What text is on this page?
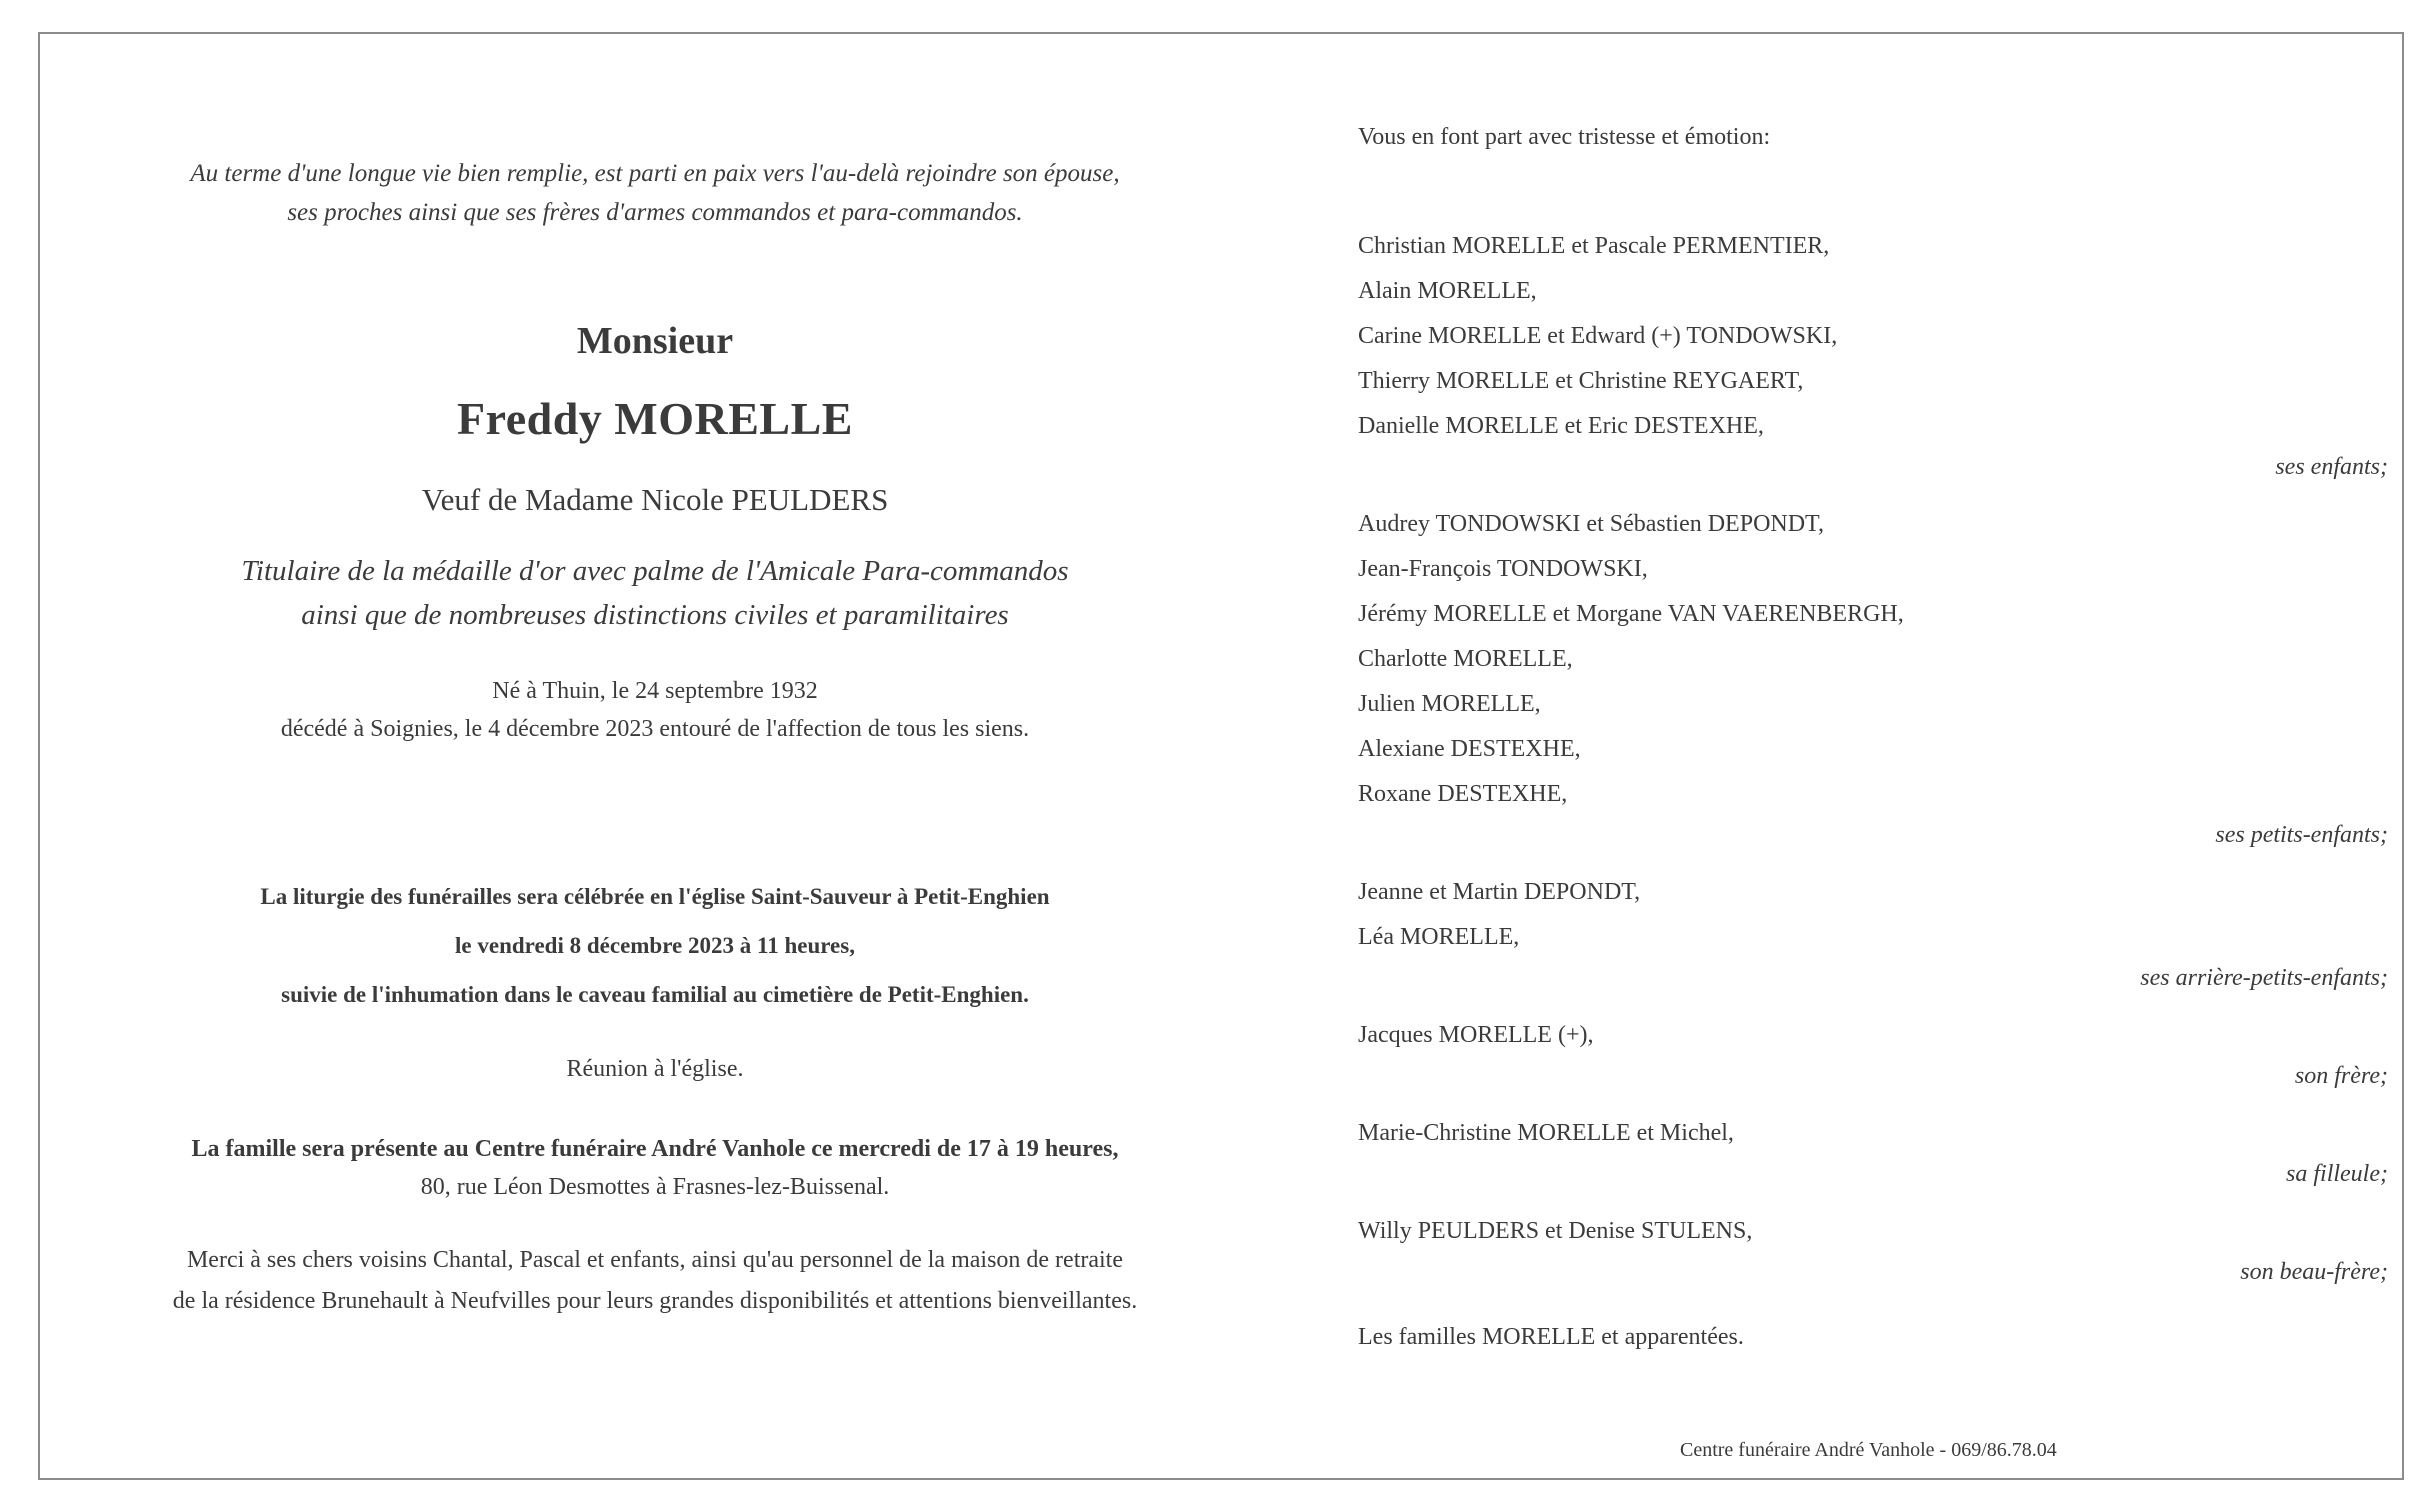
Au terme d'une longue vie bien remplie, est parti en paix vers l'au-delà rejoindre son épouse,
ses proches ainsi que ses frères d'armes commandos et para-commandos.
Monsieur
Freddy MORELLE
Veuf de Madame Nicole PEULDERS
Titulaire de la médaille d'or avec palme de l'Amicale Para-commandos
ainsi que de nombreuses distinctions civiles et paramilitaires
Né à Thuin, le 24 septembre 1932
décédé à Soignies, le 4 décembre 2023 entouré de l'affection de tous les siens.
La liturgie des funérailles sera célébrée en l'église Saint-Sauveur à Petit-Enghien
le vendredi 8 décembre 2023 à 11 heures,
suivie de l'inhumation dans le caveau familial au cimetière de Petit-Enghien.
Réunion à l'église.
La famille sera présente au Centre funéraire André Vanhole ce mercredi de 17 à 19 heures,
80, rue Léon Desmottes à Frasnes-lez-Buissenal.
Merci à ses chers voisins Chantal, Pascal et enfants, ainsi qu'au personnel de la maison de retraite
de la résidence Brunehault à Neufvilles pour leurs grandes disponibilités et attentions bienveillantes.
Vous en font part avec tristesse et émotion:
Christian MORELLE et Pascale PERMENTIER,
Alain MORELLE,
Carine MORELLE et Edward (+) TONDOWSKI,
Thierry MORELLE et Christine REYGAERT,
Danielle MORELLE et Eric DESTEXHE,
ses enfants;
Audrey TONDOWSKI et Sébastien DEPONDT,
Jean-François TONDOWSKI,
Jérémy MORELLE et Morgane VAN VAERENBERGH,
Charlotte MORELLE,
Julien MORELLE,
Alexiane DESTEXHE,
Roxane DESTEXHE,
ses petits-enfants;
Jeanne et Martin DEPONDT,
Léa MORELLE,
ses arrière-petits-enfants;
Jacques MORELLE (+),
son frère;
Marie-Christine MORELLE et Michel,
sa filleule;
Willy PEULDERS et Denise STULENS,
son beau-frère;
Les familles MORELLE et apparentées.
Centre funéraire André Vanhole - 069/86.78.04
